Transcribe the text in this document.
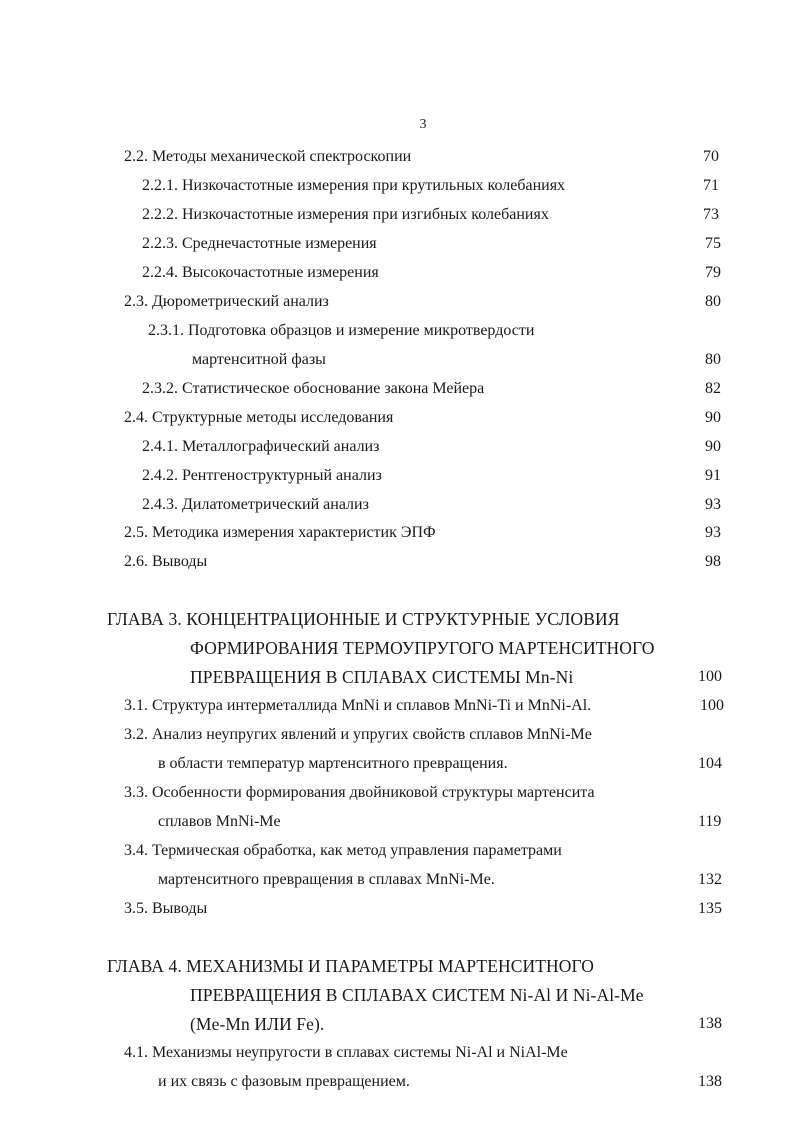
3
2.2. Методы механической спектроскопии	70
2.2.1. Низкочастотные измерения при крутильных колебаниях	71
2.2.2. Низкочастотные измерения при изгибных колебаниях	73
2.2.3. Среднечастотные измерения	75
2.2.4. Высокочастотные измерения	79
2.3. Дюрометрический анализ	80
2.3.1. Подготовка образцов и измерение микротвердости
мартенситной фазы	80
2.3.2. Статистическое обоснование закона Мейера	82
2.4. Структурные методы исследования	90
2.4.1. Металлографический анализ	90
2.4.2. Рентгеноструктурный анализ	91
2.4.3. Дилатометрический анализ	93
2.5. Методика измерения характеристик ЭПФ	93
2.6. Выводы	98
ГЛАВА 3. КОНЦЕНТРАЦИОННЫЕ И СТРУКТУРНЫЕ УСЛОВИЯ
ФОРМИРОВАНИЯ ТЕРМОУПРУГОГО МАРТЕНСИТНОГО
ПРЕВРАЩЕНИЯ В СПЛАВАХ СИСТЕМЫ Mn-Ni	100
3.1. Структура интерметаллида MnNi и сплавов MnNi-Ti и MnNi-Al.	100
3.2. Анализ неупругих явлений и упругих свойств сплавов MnNi-Me
в области температур мартенситного превращения.	104
3.3. Особенности формирования двойниковой структуры мартенсита
сплавов MnNi-Me	119
3.4. Термическая обработка, как метод управления параметрами
мартенситного превращения в сплавах MnNi-Me.	132
3.5. Выводы	135
ГЛАВА 4. МЕХАНИЗМЫ И ПАРАМЕТРЫ МАРТЕНСИТНОГО
ПРЕВРАЩЕНИЯ В СПЛАВАХ СИСТЕМ Ni-Al И Ni-Al-Me
(Me-Mn ИЛИ Fe).	138
4.1. Механизмы неупругости в сплавах системы Ni-Al и NiAl-Me
и их связь с фазовым превращением.	138
